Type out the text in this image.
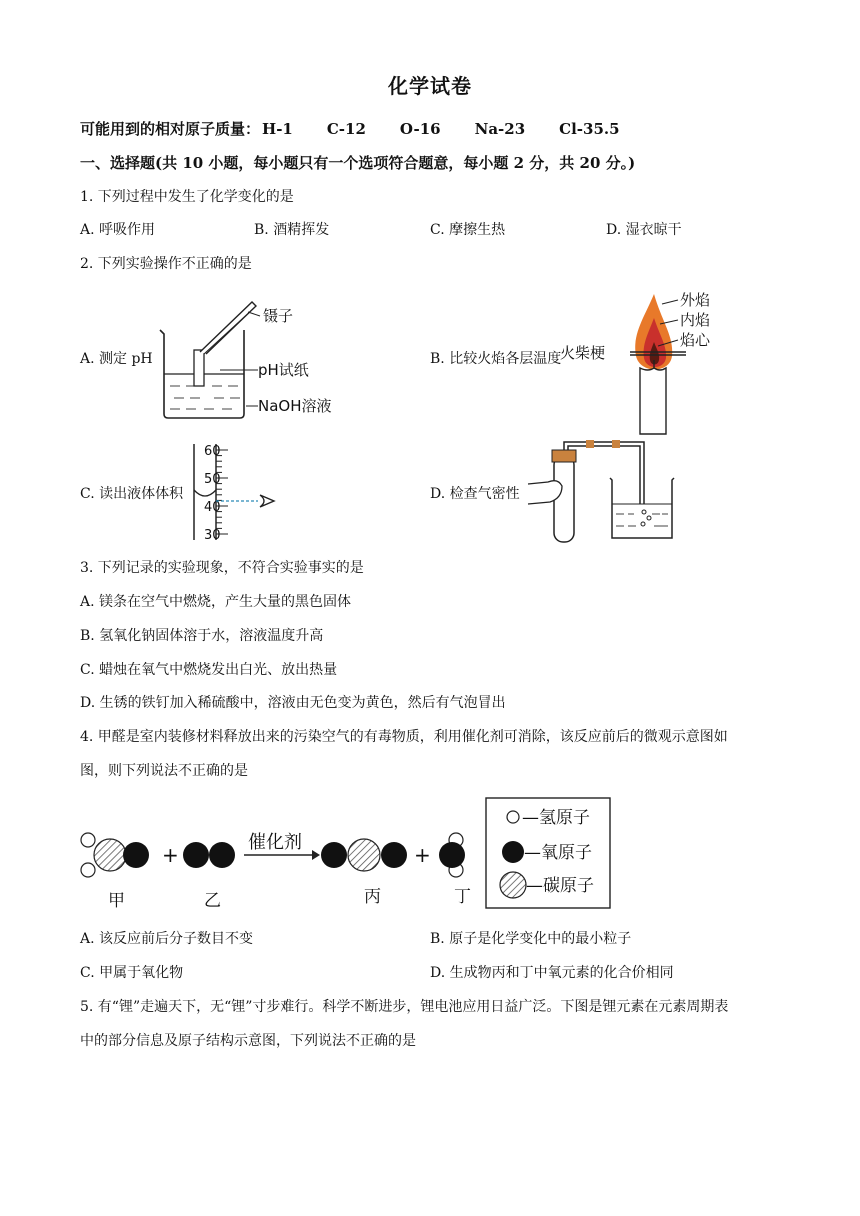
化学试卷
可能用到的相对原子质量： H-1 C-12 O-16 Na-23 Cl-35.5
一、选择题(共 10 小题，每小题只有一个选项符合题意，每小题 2 分，共 20 分。)
1. 下列过程中发生了化学变化的是
A. 呼吸作用	B. 酒精挥发	C. 摩擦生热	D. 湿衣晾干
2. 下列实验操作不正确的是
A. 测定 pH	B. 比较火焰各层温度
C. 读出液体体积	D. 检查气密性
镊子
pH试纸
NaOH溶液
外焰
内焰
焰心
火柴梗
60
50
40
30
3. 下列记录的实验现象，不符合实验事实的是
A. 镁条在空气中燃烧，产生大量的黑色固体
B. 氢氧化钠固体溶于水，溶液温度升高
C. 蜡烛在氧气中燃烧发出白光、放出热量
D. 生锈的铁钉加入稀硫酸中，溶液由无色变为黄色，然后有气泡冒出
4. 甲醛是室内装修材料释放出来的污染空气的有毒物质，利用催化剂可消除，该反应前后的微观示意图如
图，则下列说法不正确的是
+
催化剂
+
甲	乙	丙	丁
—氢原子
—氧原子
—碳原子
A. 该反应前后分子数目不变	B. 原子是化学变化中的最小粒子
C. 甲属于氧化物	D. 生成物丙和丁中氧元素的化合价相同
5. 有“锂”走遍天下，无“锂”寸步难行。科学不断进步，锂电池应用日益广泛。下图是锂元素在元素周期表
中的部分信息及原子结构示意图，下列说法不正确的是
